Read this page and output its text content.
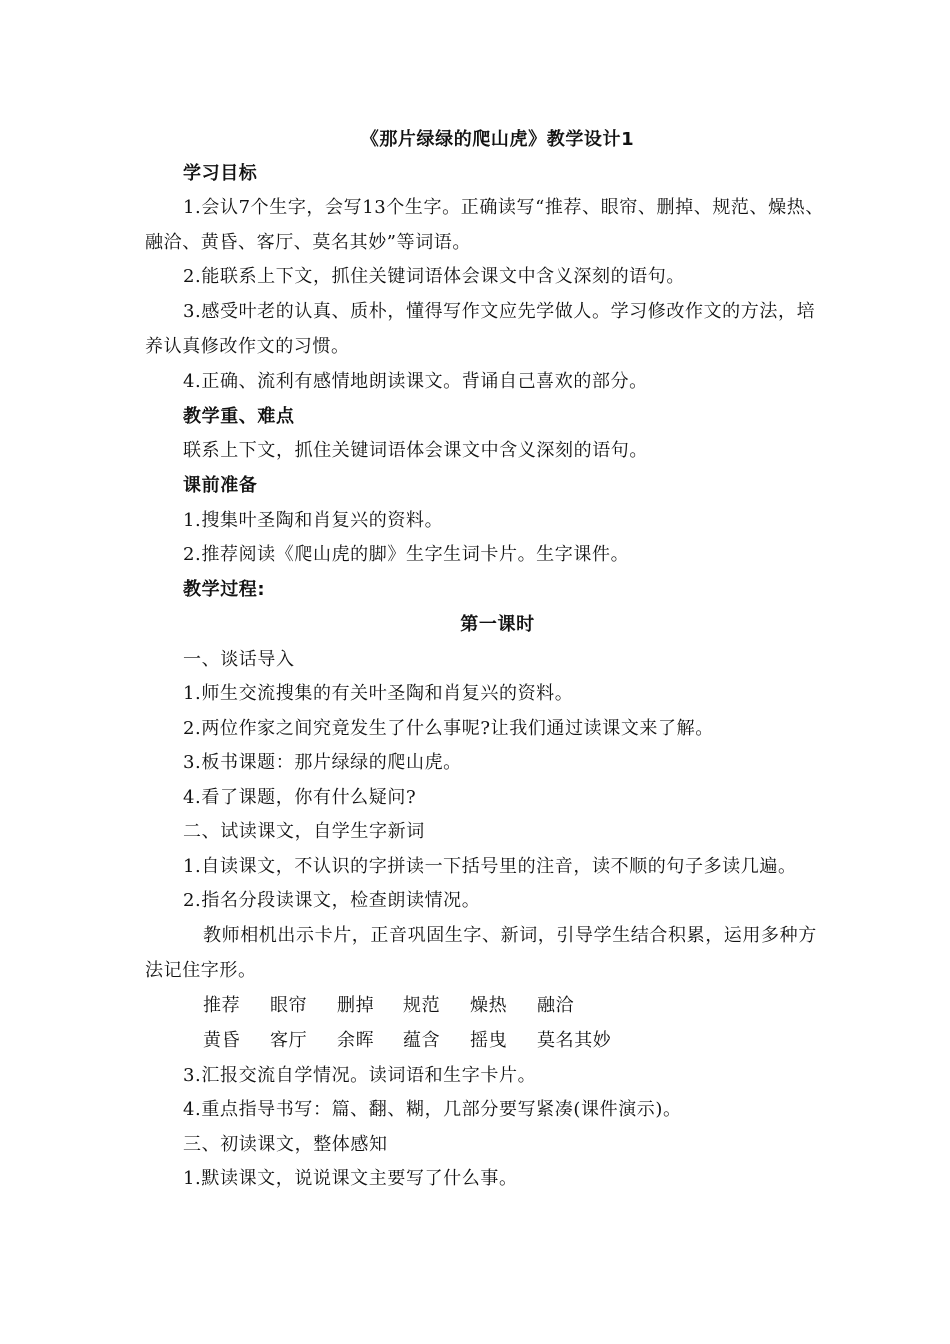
《那片绿绿的爬山虎》教学设计1
学习目标
1.会认7个生字，会写13个生字。正确读写“推荐、眼帘、删掉、规范、燥热、
融洽、黄昏、客厅、莫名其妙”等词语。
2.能联系上下文，抓住关键词语体会课文中含义深刻的语句。
3.感受叶老的认真、质朴，懂得写作文应先学做人。学习修改作文的方法，培
养认真修改作文的习惯。
4.正确、流利有感情地朗读课文。背诵自己喜欢的部分。
教学重、难点
联系上下文，抓住关键词语体会课文中含义深刻的语句。
课前准备
1.搜集叶圣陶和肖复兴的资料。
2.推荐阅读《爬山虎的脚》生字生词卡片。生字课件。
教学过程:
第一课时
一、谈话导入
1.师生交流搜集的有关叶圣陶和肖复兴的资料。
2.两位作家之间究竟发生了什么事呢?让我们通过读课文来了解。
3.板书课题：那片绿绿的爬山虎。
4.看了课题，你有什么疑问?
二、试读课文，自学生字新词
1.自读课文，不认识的字拼读一下括号里的注音，读不顺的句子多读几遍。
2.指名分段读课文，检查朗读情况。
教师相机出示卡片，正音巩固生字、新词，引导学生结合积累，运用多种方
法记住字形。
推荐 眼帘 删掉 规范 燥热 融洽
黄昏 客厅 余晖 蕴含 摇曳 莫名其妙
3.汇报交流自学情况。读词语和生字卡片。
4.重点指导书写：篇、翻、糊，几部分要写紧凑(课件演示)。
三、初读课文，整体感知
1.默读课文，说说课文主要写了什么事。
